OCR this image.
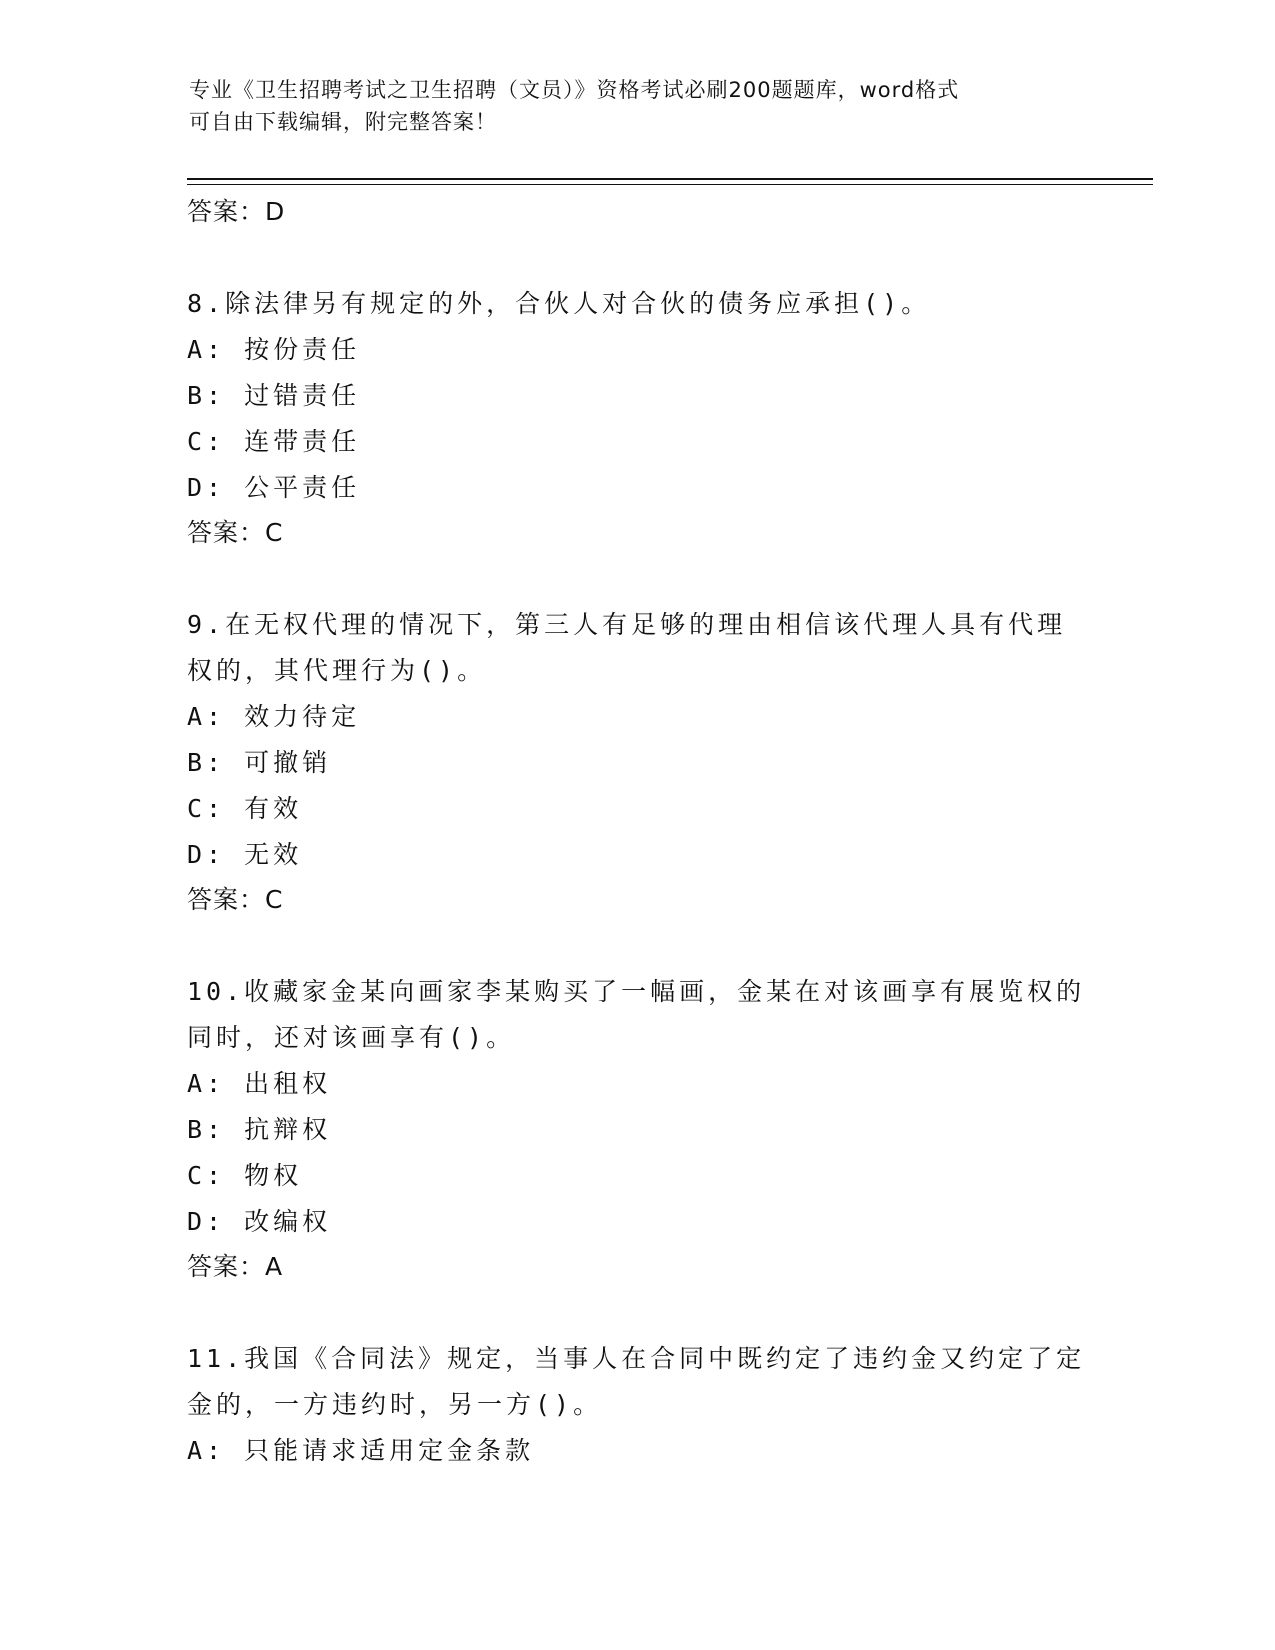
专业《卫生招聘考试之卫生招聘（文员）》资格考试必刷200题题库，word格式
可自由下载编辑，附完整答案！
答案：D
8.除法律另有规定的外，合伙人对合伙的债务应承担()。
A: 按份责任
B: 过错责任
C: 连带责任
D: 公平责任
答案：C
9.在无权代理的情况下，第三人有足够的理由相信该代理人具有代理权的，其代理行为()。
A: 效力待定
B: 可撤销
C: 有效
D: 无效
答案：C
10.收藏家金某向画家李某购买了一幅画，金某在对该画享有展览权的同时，还对该画享有()。
A: 出租权
B: 抗辩权
C: 物权
D: 改编权
答案：A
11.我国《合同法》规定，当事人在合同中既约定了违约金又约定了定金的，一方违约时，另一方()。
A: 只能请求适用定金条款
